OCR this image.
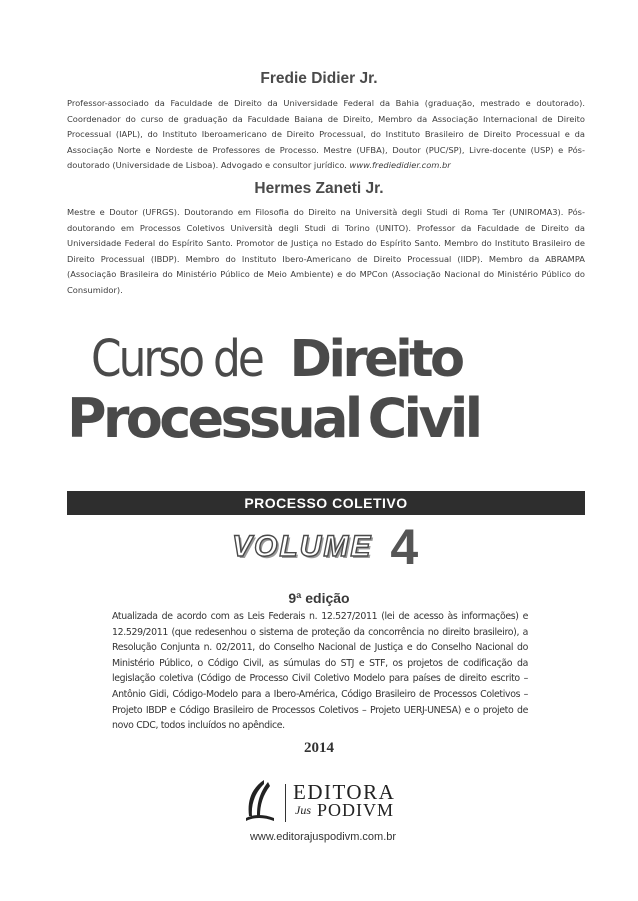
Fredie Didier Jr.

Professor-associado da Faculdade de Direito da Universidade Federal da Bahia (graduação, mestrado e doutorado). Coordenador do curso de graduação da Faculdade Baiana de Direito, Membro da Associação Internacional de Direito Processual (IAPL), do Instituto Iberoamericano de Direito Processual, do Instituto Brasileiro de Direito Processual e da Associação Norte e Nordeste de Professores de Processo. Mestre (UFBA), Doutor (PUC/SP), Livre-docente (USP) e Pós-doutorado (Universidade de Lisboa). Advogado e consultor jurídico. www.frediedidier.com.br

Hermes Zaneti Jr.

Mestre e Doutor (UFRGS). Doutorando em Filosofia do Direito na Università degli Studi di Roma Ter (UNIROMA3). Pós-doutorando em Processos Coletivos Università degli Studi di Torino (UNITO). Professor da Faculdade de Direito da Universidade Federal do Espírito Santo. Promotor de Justiça no Estado do Espírito Santo. Membro do Instituto Brasileiro de Direito Processual (IBDP). Membro do Instituto Ibero-Americano de Direito Processual (IIDP). Membro da ABRAMPA (Associação Brasileira do Ministério Público de Meio Ambiente) e do MPCon (Associação Nacional do Ministério Público do Consumidor).

Curso deDireito
Processual Civil
PROCESSO COLETIVO
VOLUME 4

9ª edição

Atualizada de acordo com as Leis Federais n. 12.527/2011 (lei de acesso às informações) e 12.529/2011 (que redesenhou o sistema de proteção da concorrência no direito brasileiro), a Resolução Conjunta n. 02/2011, do Conselho Nacional de Justiça e do Conselho Nacional do Ministério Público, o Código Civil, as súmulas do STJ e STF, os projetos de codificação da legislação coletiva (Código de Processo Civil Coletivo Modelo para países de direito escrito – Antônio Gidi, Código-Modelo para a Ibero-América, Código Brasileiro de Processos Coletivos – Projeto IBDP e Código Brasileiro de Processos Coletivos – Projeto UERJ-UNESA) e o projeto de novo CDC, todos incluídos no apêndice.

2014

EDITORA
Jus PODIVM

www.editorajuspodivm.com.br
